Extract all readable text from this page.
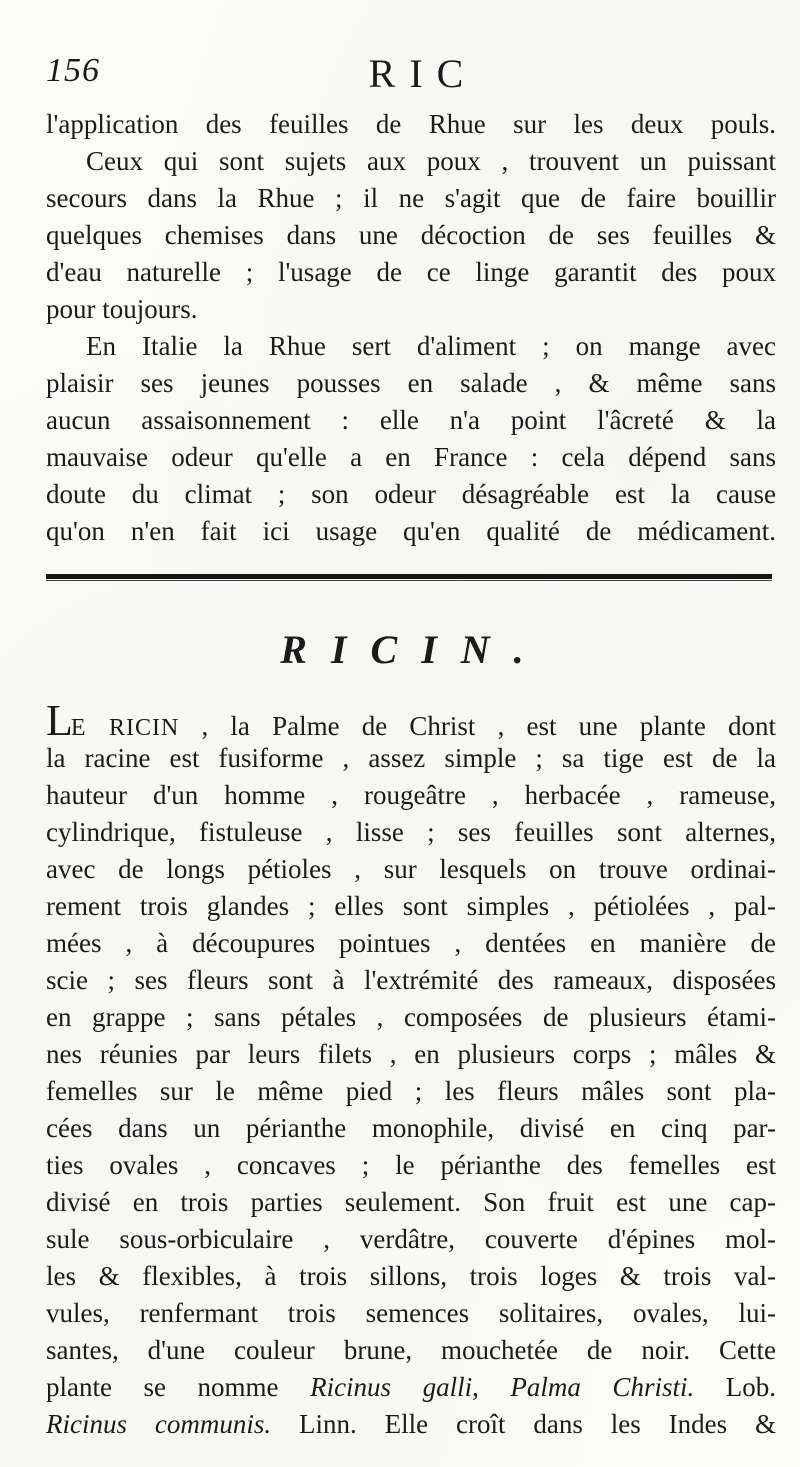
156	RIC
l'application des feuilles de Rhue sur les deux pouls.
Ceux qui sont sujets aux poux , trouvent un puissant
secours dans la Rhue ; il ne s'agit que de faire bouillir
quelques chemises dans une décoction de ses feuilles &
d'eau naturelle ; l'usage de ce linge garantit des poux
pour toujours.
En Italie la Rhue sert d'aliment ; on mange avec
plaisir ses jeunes pousses en salade , & même sans
aucun assaisonnement : elle n'a point l'âcreté & la
mauvaise odeur qu'elle a en France : cela dépend sans
doute du climat ; son odeur désagréable est la cause
qu'on n'en fait ici usage qu'en qualité de médicament.
RICIN.
LE RICIN , la Palme de Christ , est une plante dont
la racine est fusiforme , assez simple ; sa tige est de la
hauteur d'un homme , rougeâtre , herbacée , rameuse,
cylindrique, fistuleuse , lisse ; ses feuilles sont alternes,
avec de longs pétioles , sur lesquels on trouve ordinai-
rement trois glandes ; elles sont simples , pétiolées , pal-
mées , à découpures pointues , dentées en manière de
scie ; ses fleurs sont à l'extrémité des rameaux, disposées
en grappe ; sans pétales , composées de plusieurs étami-
nes réunies par leurs filets , en plusieurs corps ; mâles &
femelles sur le même pied ; les fleurs mâles sont pla-
cées dans un périanthe monophile, divisé en cinq par-
ties ovales , concaves ; le périanthe des femelles est
divisé en trois parties seulement. Son fruit est une cap-
sule sous-orbiculaire , verdâtre, couverte d'épines mol-
les & flexibles, à trois sillons, trois loges & trois val-
vules, renfermant trois semences solitaires, ovales, lui-
santes, d'une couleur brune, mouchetée de noir. Cette
plante se nomme Ricinus galli, Palma Christi. Lob.
Ricinus communis. Linn. Elle croît dans les Indes &
